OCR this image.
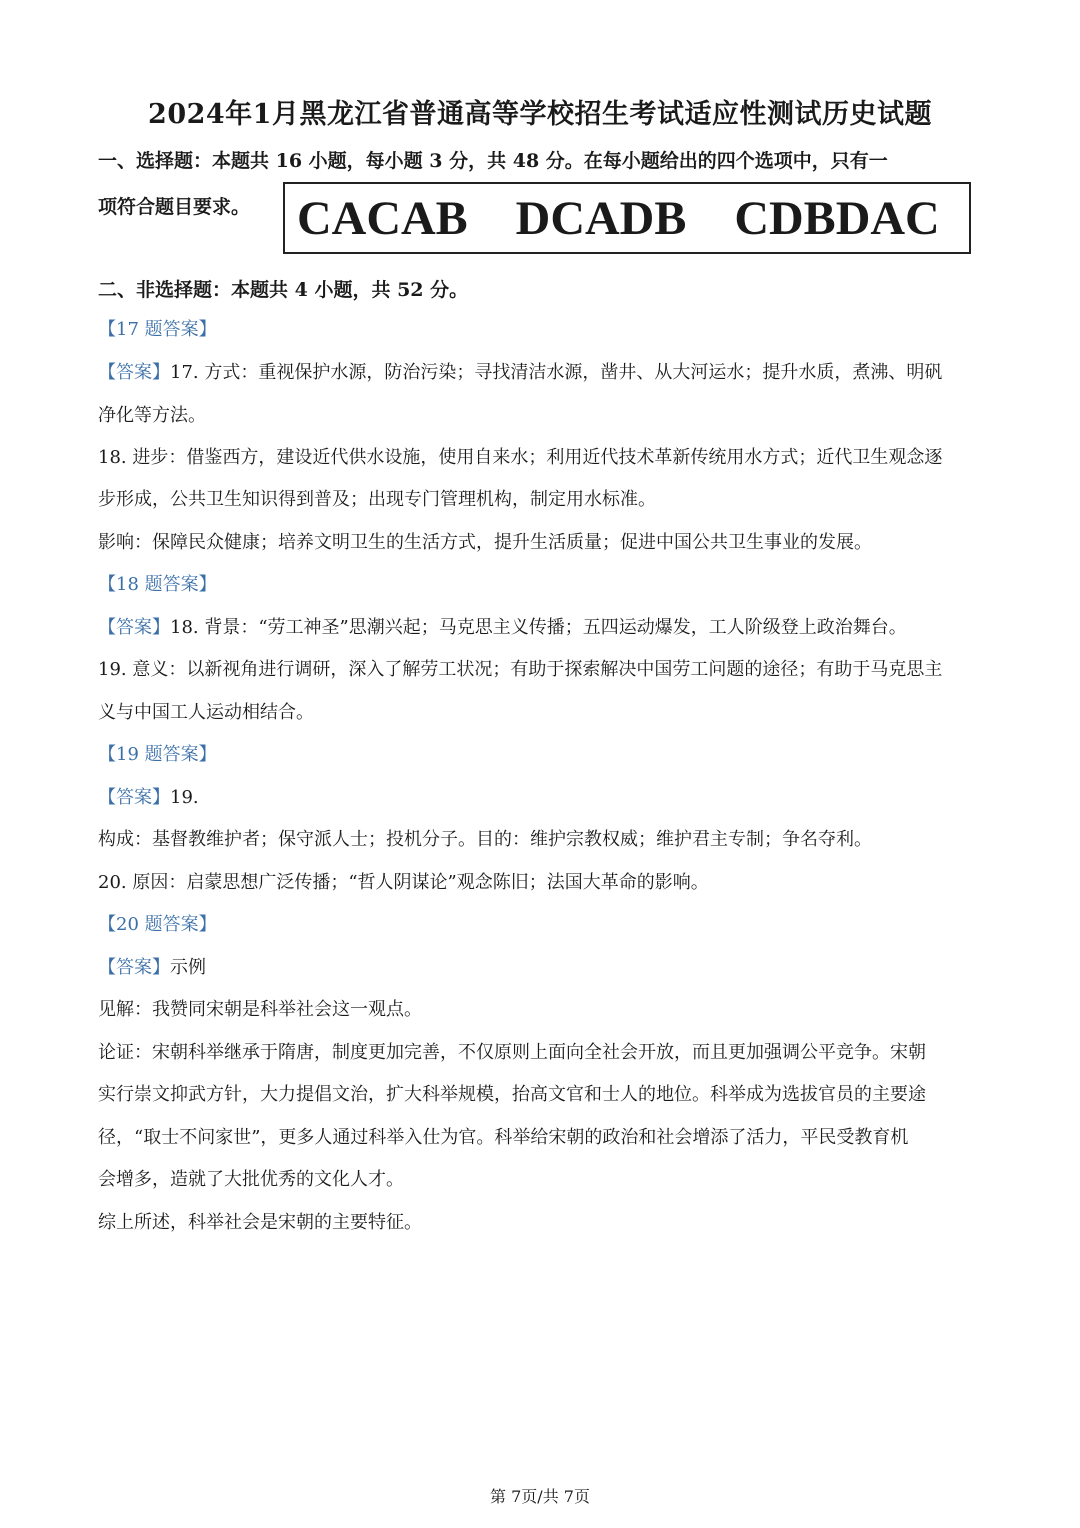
2024年1月黑龙江省普通高等学校招生考试适应性测试历史试题
一、选择题：本题共 16 小题，每小题 3 分，共 48 分。在每小题给出的四个选项中，只有一
项符合题目要求。 CACAB DCADB CDBDAC
二、非选择题：本题共 4 小题，共 52 分。
【17 题答案】
【答案】17. 方式：重视保护水源，防治污染；寻找清洁水源，凿井、从大河运水；提升水质，煮沸、明矾
净化等方法。
18. 进步：借鉴西方，建设近代供水设施，使用自来水；利用近代技术革新传统用水方式；近代卫生观念逐
步形成，公共卫生知识得到普及；出现专门管理机构，制定用水标准。
影响：保障民众健康；培养文明卫生的生活方式，提升生活质量；促进中国公共卫生事业的发展。
【18 题答案】
【答案】18. 背景：“劳工神圣”思潮兴起；马克思主义传播；五四运动爆发，工人阶级登上政治舞台。
19. 意义：以新视角进行调研，深入了解劳工状况；有助于探索解决中国劳工问题的途径；有助于马克思主
义与中国工人运动相结合。
【19 题答案】
【答案】19.
构成：基督教维护者；保守派人士；投机分子。目的：维护宗教权威；维护君主专制；争名夺利。
20. 原因：启蒙思想广泛传播；“哲人阴谋论”观念陈旧；法国大革命的影响。
【20 题答案】
【答案】示例
见解：我赞同宋朝是科举社会这一观点。
论证：宋朝科举继承于隋唐，制度更加完善，不仅原则上面向全社会开放，而且更加强调公平竞争。宋朝
实行崇文抑武方针，大力提倡文治，扩大科举规模，抬高文官和士人的地位。科举成为选拔官员的主要途
径，“取士不问家世”，更多人通过科举入仕为官。科举给宋朝的政治和社会增添了活力，平民受教育机
会增多，造就了大批优秀的文化人才。
综上所述，科举社会是宋朝的主要特征。
第 7页/共 7页
